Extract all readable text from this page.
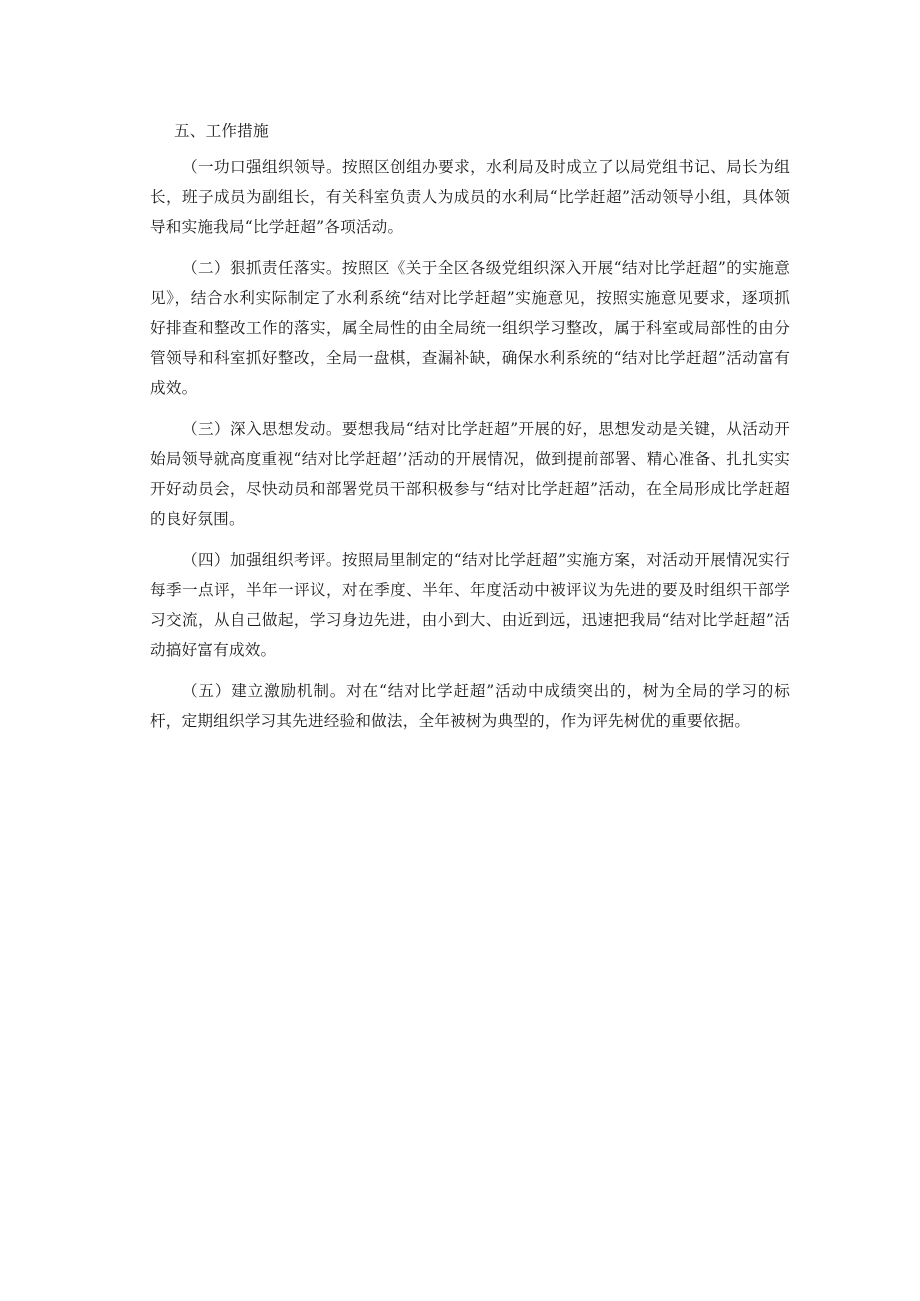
五、工作措施

（一功口强组织领导。按照区创组办要求，水利局及时成立了以局党组书记、局长为组长，班子成员为副组长，有关科室负责人为成员的水利局“比学赶超”活动领导小组，具体领导和实施我局“比学赶超”各项活动。

（二）狠抓责任落实。按照区《关于全区各级党组织深入开展“结对比学赶超”的实施意见》，结合水利实际制定了水利系统“结对比学赶超”实施意见，按照实施意见要求，逐项抓好排查和整改工作的落实，属全局性的由全局统一组织学习整改，属于科室或局部性的由分管领导和科室抓好整改，全局一盘棋，查漏补缺，确保水利系统的“结对比学赶超”活动富有成效。

（三）深入思想发动。要想我局“结对比学赶超”开展的好，思想发动是关键，从活动开始局领导就高度重视“结对比学赶超’’活动的开展情况，做到提前部署、精心准备、扎扎实实开好动员会，尽快动员和部署党员干部积极参与“结对比学赶超”活动，在全局形成比学赶超的良好氛围。

（四）加强组织考评。按照局里制定的“结对比学赶超”实施方案，对活动开展情况实行每季一点评，半年一评议，对在季度、半年、年度活动中被评议为先进的要及时组织干部学习交流，从自己做起，学习身边先进，由小到大、由近到远，迅速把我局“结对比学赶超”活动搞好富有成效。

（五）建立激励机制。对在“结对比学赶超”活动中成绩突出的，树为全局的学习的标杆，定期组织学习其先进经验和做法，全年被树为典型的，作为评先树优的重要依据。
